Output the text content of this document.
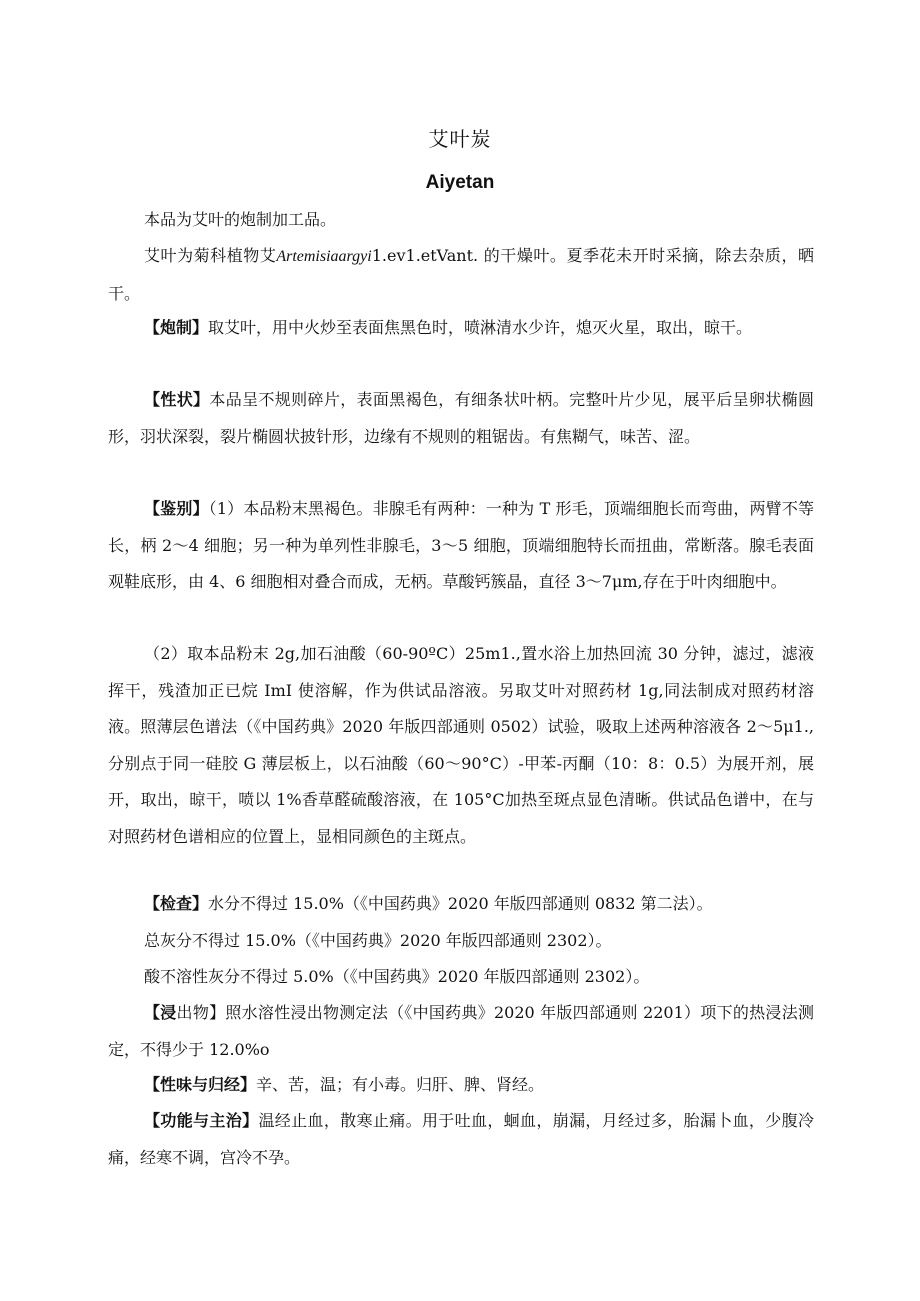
艾叶炭
Aiyetan

本品为艾叶的炮制加工品。

艾叶为菊科植物艾Artemisiaargyi1.ev1.etVant. 的干燥叶。夏季花未开时采摘，除去杂质，晒干。

【炮制】取艾叶，用中火炒至表面焦黑色时，喷淋清水少许，熄灭火星，取出，晾干。

【性状】本品呈不规则碎片，表面黑褐色，有细条状叶柄。完整叶片少见，展平后呈卵状椭圆形，羽状深裂，裂片椭圆状披针形，边缘有不规则的粗锯齿。有焦糊气，味苦、涩。

【鉴别】（1）本品粉末黑褐色。非腺毛有两种：一种为 T 形毛，顶端细胞长而弯曲，两臂不等长，柄 2～4 细胞；另一种为单列性非腺毛，3～5 细胞，顶端细胞特长而扭曲，常断落。腺毛表面观鞋底形，由 4、6 细胞相对叠合而成，无柄。草酸钙簇晶，直径 3～7μm,存在于叶肉细胞中。

（2）取本品粉末 2g,加石油酸（60-90ºC）25m1.,置水浴上加热回流 30 分钟，滤过，滤液挥干，残渣加正已烷 ImI 使溶解，作为供试品溶液。另取艾叶对照药材 1g,同法制成对照药材溶液。照薄层色谱法（《中国药典》2020 年版四部通则 0502）试验，吸取上述两种溶液各 2～5μ1.,分别点于同一硅胶 G 薄层板上，以石油酸（60～90°C）-甲苯-丙酮（10：8：0.5）为展开剂，展开，取出，晾干，喷以 1%香草醛硫酸溶液，在 105°C加热至斑点显色清晰。供试品色谱中，在与对照药材色谱相应的位置上，显相同颜色的主斑点。

【检查】水分不得过 15.0%（《中国药典》2020 年版四部通则 0832 第二法）。

总灰分不得过 15.0%（《中国药典》2020 年版四部通则 2302）。

酸不溶性灰分不得过 5.0%（《中国药典》2020 年版四部通则 2302）。

【浸出物】照水溶性浸出物测定法（《中国药典》2020 年版四部通则 2201）项下的热浸法测定，不得少于 12.0%o

【性味与归经】辛、苦，温；有小毒。归肝、脾、肾经。

【功能与主治】温经止血，散寒止痛。用于吐血，蛔血，崩漏，月经过多，胎漏卜血，少腹冷痛，经寒不调，宫冷不孕。
